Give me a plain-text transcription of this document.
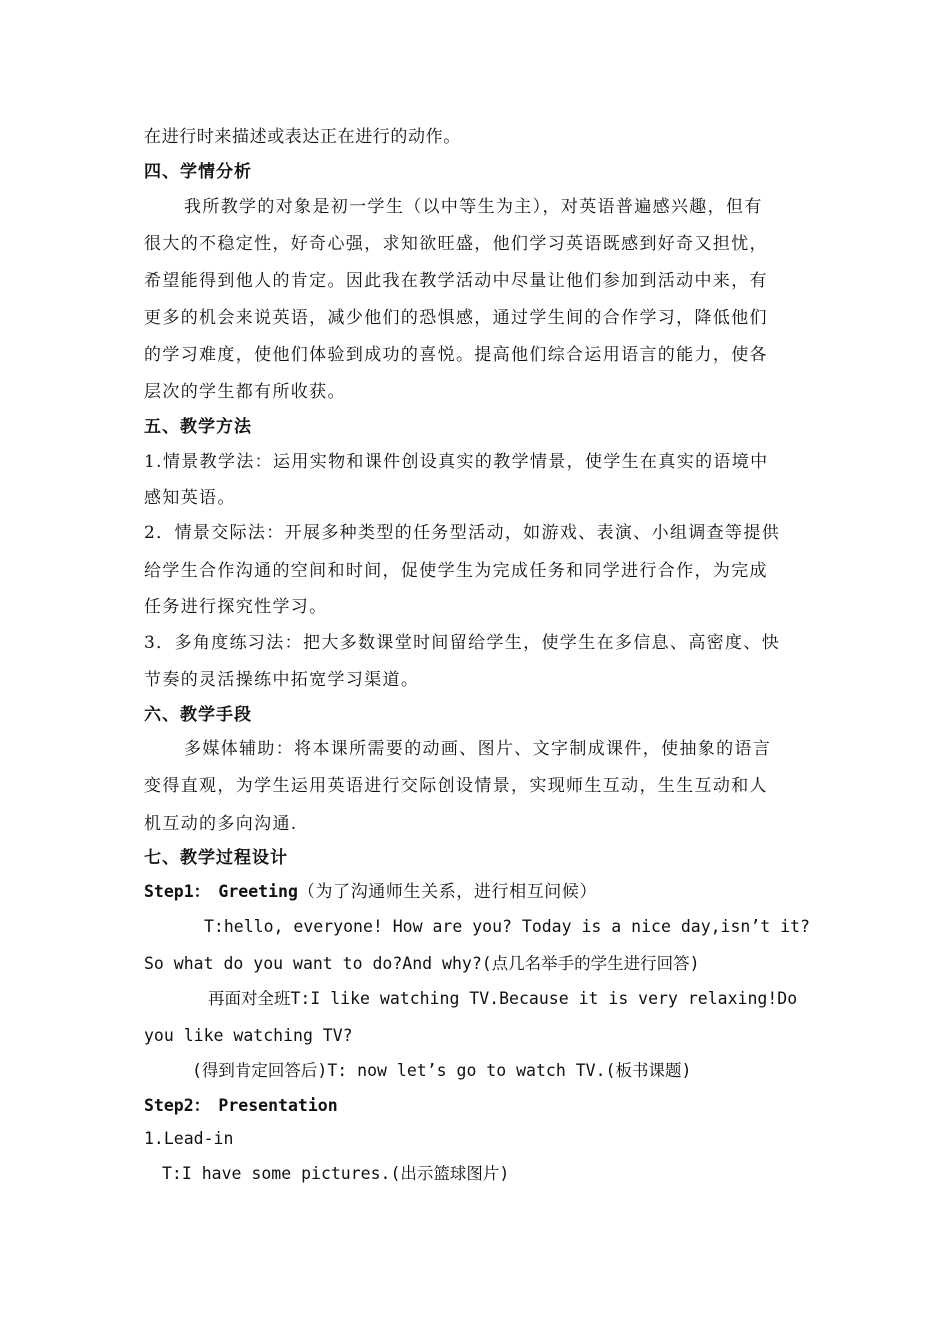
在进行时来描述或表达正在进行的动作。
四、学情分析
我所教学的对象是初一学生（以中等生为主），对英语普遍感兴趣，但有
很大的不稳定性，好奇心强，求知欲旺盛，他们学习英语既感到好奇又担忧，
希望能得到他人的肯定。因此我在教学活动中尽量让他们参加到活动中来，有
更多的机会来说英语，减少他们的恐惧感，通过学生间的合作学习，降低他们
的学习难度，使他们体验到成功的喜悦。提高他们综合运用语言的能力，使各
层次的学生都有所收获。
五、教学方法
1.情景教学法：运用实物和课件创设真实的教学情景，使学生在真实的语境中
感知英语。
2．情景交际法：开展多种类型的任务型活动，如游戏、表演、小组调查等提供
给学生合作沟通的空间和时间，促使学生为完成任务和同学进行合作，为完成
任务进行探究性学习。
3．多角度练习法：把大多数课堂时间留给学生，使学生在多信息、高密度、快
节奏的灵活操练中拓宽学习渠道。
六、教学手段
多媒体辅助：将本课所需要的动画、图片、文字制成课件，使抽象的语言
变得直观，为学生运用英语进行交际创设情景，实现师生互动，生生互动和人
机互动的多向沟通.
七、教学过程设计
Step1：　Greeting（为了沟通师生关系，进行相互问候）
T:hello, everyone! How are you? Today is a nice day,isn’t it?
So what do you want to do?And why?(点几名举手的学生进行回答)
再面对全班T:I like watching TV.Because it is very relaxing!Do
you like watching TV?
(得到肯定回答后)T: now let’s go to watch TV.(板书课题)
Step2：　Presentation
1.Lead-in
T:I have some pictures.(出示篮球图片)
